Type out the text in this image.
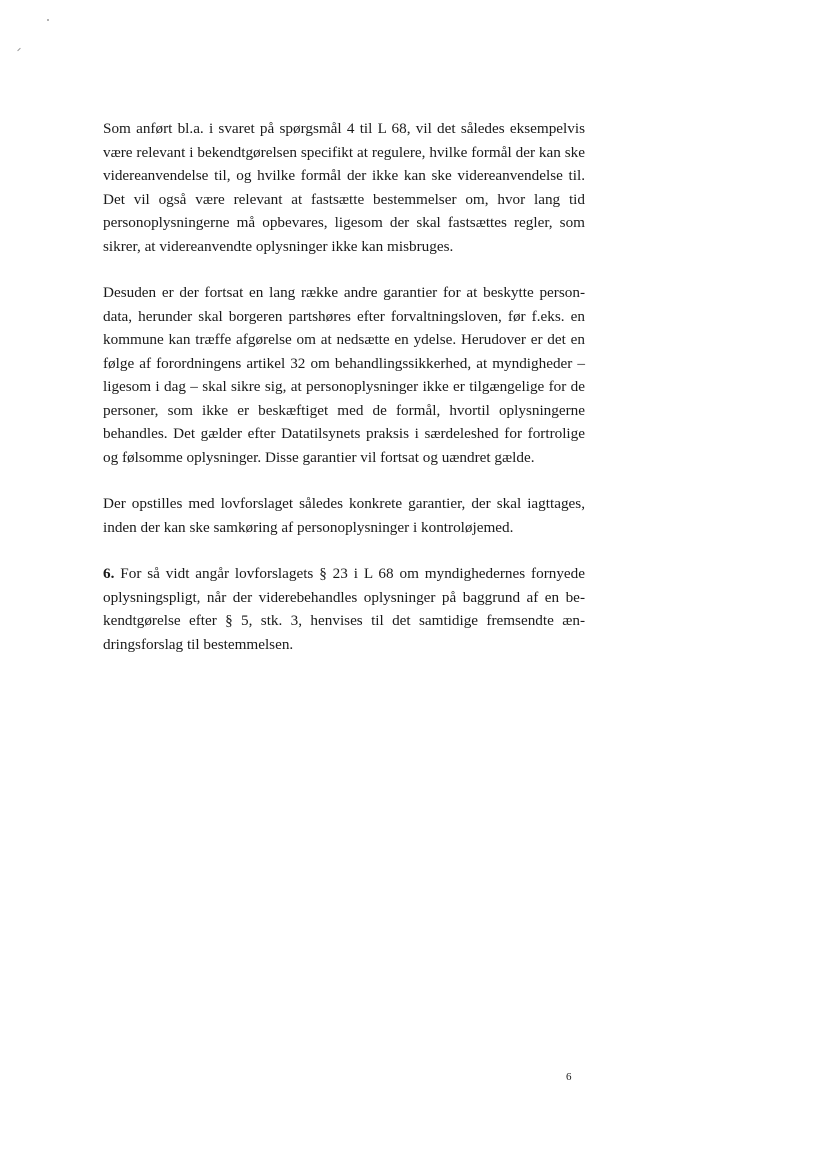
Som anført bl.a. i svaret på spørgsmål 4 til L 68, vil det således eksempelvis være relevant i bekendtgørelsen specifikt at regulere, hvilke formål der kan ske videreanvendelse til, og hvilke formål der ikke kan ske videreanvendelse til. Det vil også være relevant at fastsætte bestemmelser om, hvor lang tid personoplysningerne må opbevares, ligesom der skal fastsættes regler, som sikrer, at videreanvendte oplysninger ikke kan misbruges.

Desuden er der fortsat en lang række andre garantier for at beskytte persondata, herunder skal borgeren partshøres efter forvaltningsloven, før f.eks. en kommune kan træffe afgørelse om at nedsætte en ydelse. Herudover er det en følge af forordningens artikel 32 om behandlingssikkerhed, at myndigheder – ligesom i dag – skal sikre sig, at personoplysninger ikke er tilgængelige for de personer, som ikke er beskæftiget med de formål, hvortil oplysningerne behandles. Det gælder efter Datatilsynets praksis i særdeleshed for fortrolige og følsomme oplysninger. Disse garantier vil fortsat og uændret gælde.

Der opstilles med lovforslaget således konkrete garantier, der skal iagttages, inden der kan ske samkøring af personoplysninger i kontroløjemed.

6. For så vidt angår lovforslagets § 23 i L 68 om myndighedernes fornyede oplysningspligt, når der viderebehandles oplysninger på baggrund af en bekendtgørelse efter § 5, stk. 3, henvises til det samtidige fremsendte ændringsforslag til bestemmelsen.

6
